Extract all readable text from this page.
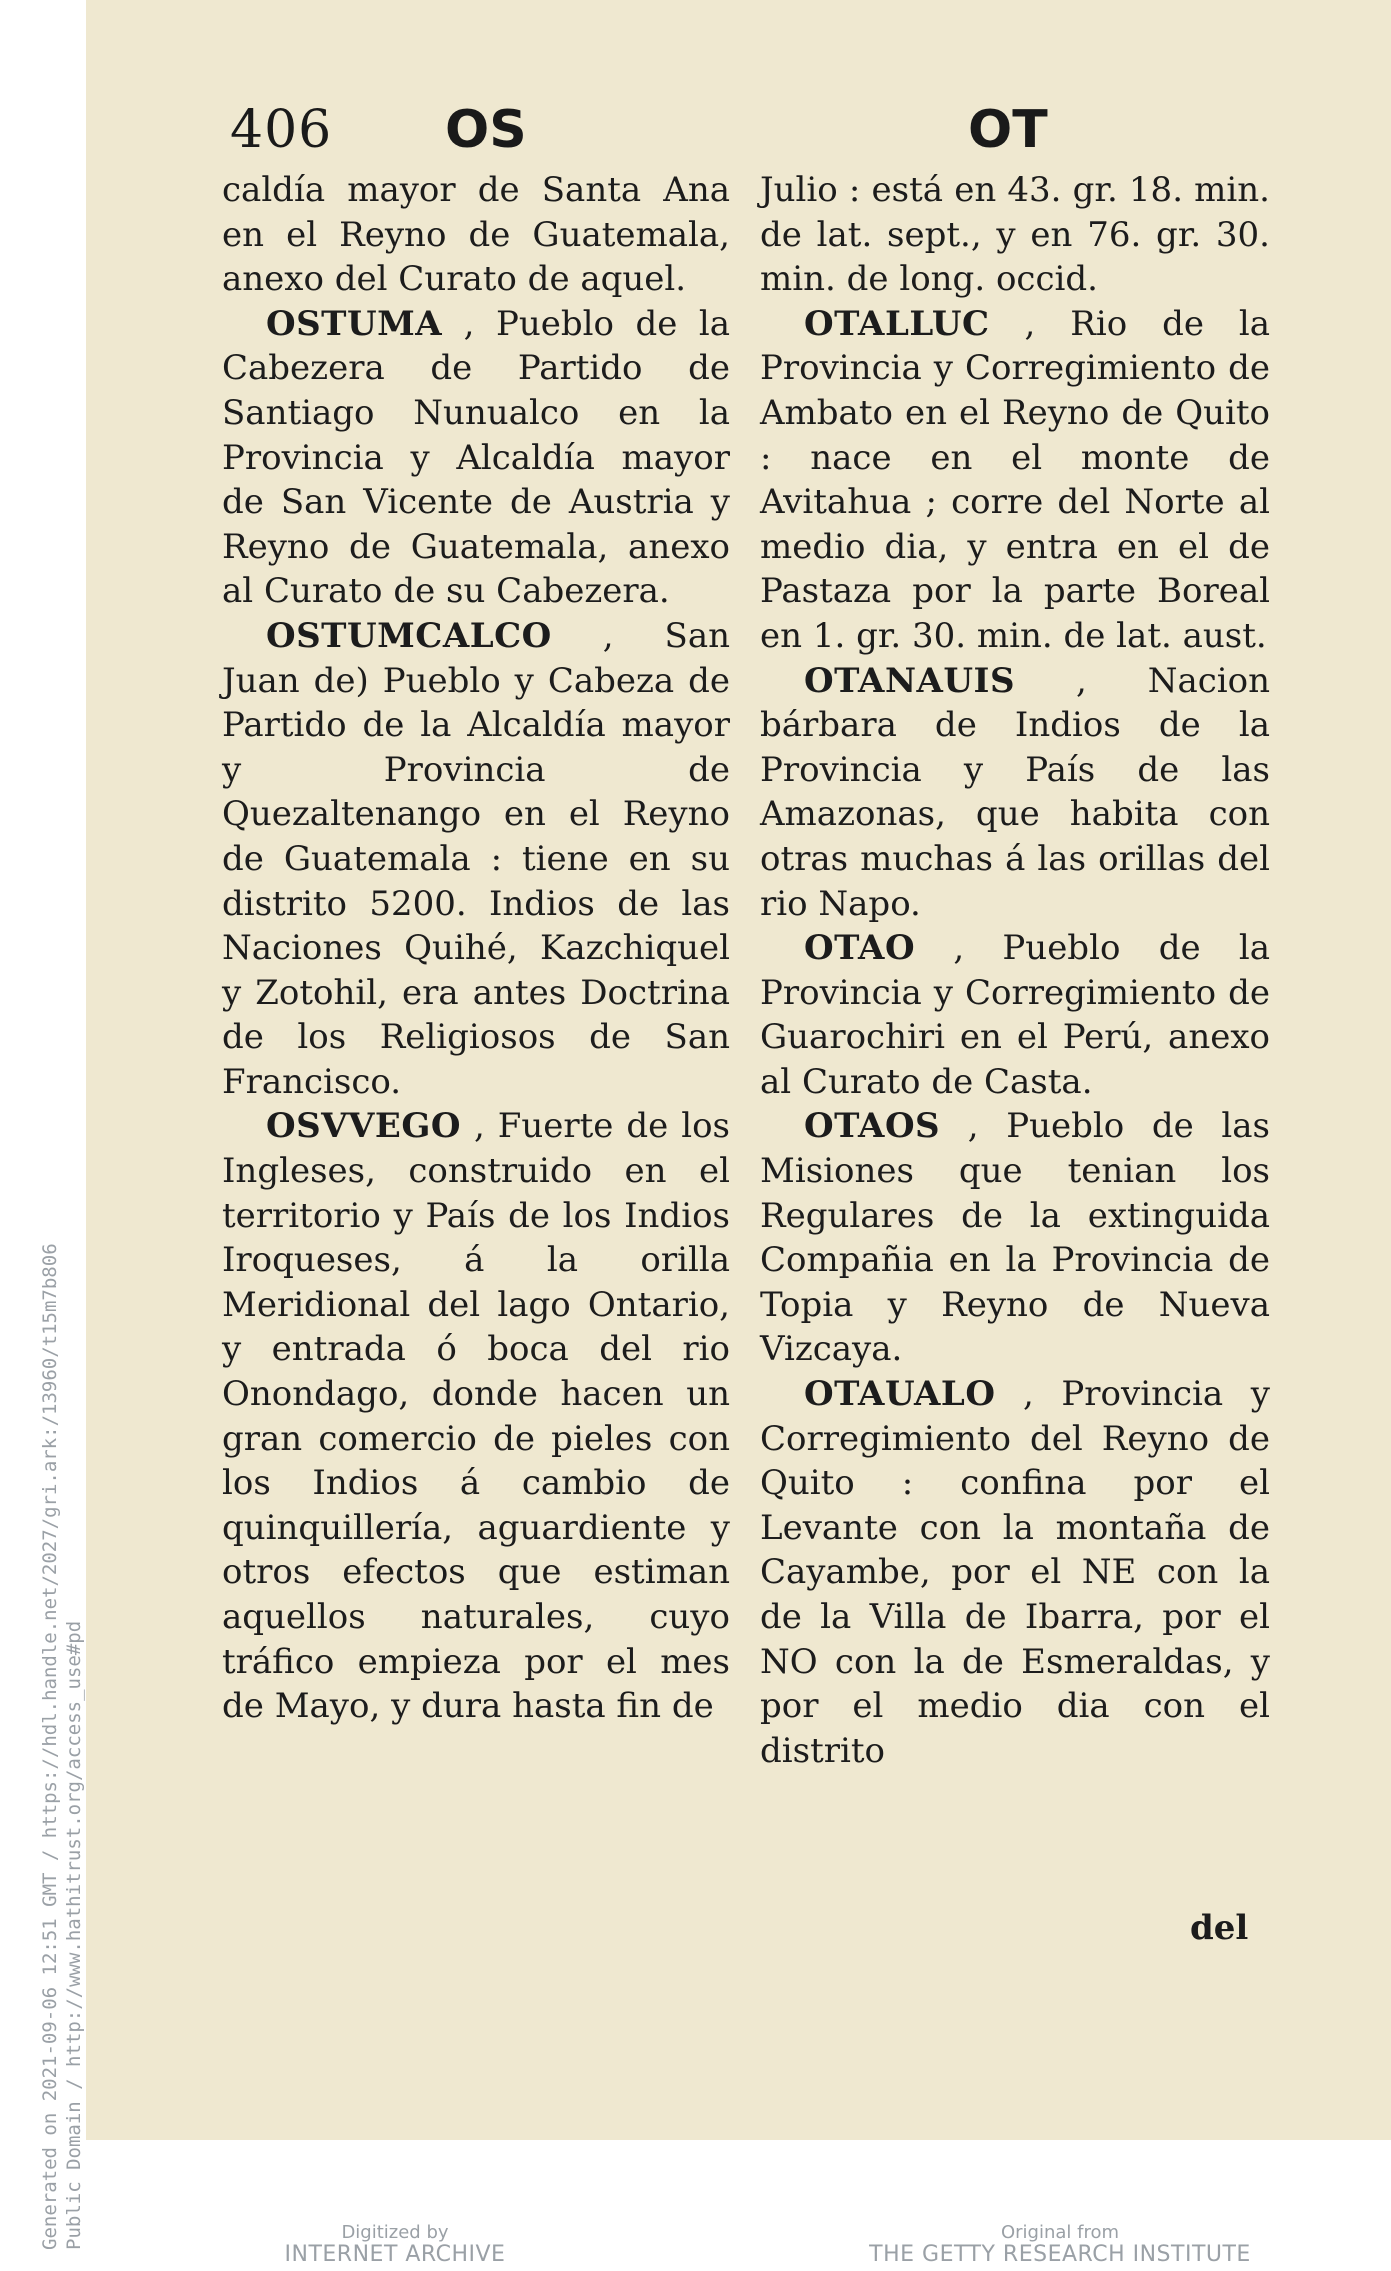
Generated on 2021-09-06 12:51 GMT / https://hdl.handle.net/2027/gri.ark:/13960/t15m7b806 Public Domain / http://www.hathitrust.org/access_use#pd
406 OS	OT

caldía mayor de Santa Ana en el Reyno de Guatemala, anexo del Curato de aquel.

OSTUMA , Pueblo de la Cabezera de Partido de Santiago Nunualco en la Provincia y Alcaldía mayor de San Vicente de Austria y Reyno de Guatemala, anexo al Curato de su Cabezera.

OSTUMCALCO , San Juan de) Pueblo y Cabeza de Partido de la Alcaldía mayor y Provincia de Quezaltenango en el Reyno de Guatemala : tiene en su distrito 5200. Indios de las Naciones Quihé, Kazchiquel y Zotohil, era antes Doctrina de los Religiosos de San Francisco.

OSVVEGO , Fuerte de los Ingleses, construido en el territorio y País de los Indios Iroqueses, á la orilla Meridional del lago Ontario, y entrada ó boca del rio Onondago, donde hacen un gran comercio de pieles con los Indios á cambio de quinquillería, aguardiente y otros efectos que estiman aquellos naturales, cuyo tráfico empieza por el mes de Mayo, y dura hasta fin de

Julio : está en 43. gr. 18. min. de lat. sept., y en 76. gr. 30. min. de long. occid.

OTALLUC , Rio de la Provincia y Corregimiento de Ambato en el Reyno de Quito : nace en el monte de Avitahua ; corre del Norte al medio dia, y entra en el de Pastaza por la parte Boreal en 1. gr. 30. min. de lat. aust.

OTANAUIS , Nacion bárbara de Indios de la Provincia y País de las Amazonas, que habita con otras muchas á las orillas del rio Napo.

OTAO , Pueblo de la Provincia y Corregimiento de Guarochiri en el Perú, anexo al Curato de Casta.

OTAOS , Pueblo de las Misiones que tenian los Regulares de la extinguida Compañia en la Provincia de Topia y Reyno de Nueva Vizcaya.

OTAUALO , Provincia y Corregimiento del Reyno de Quito : confina por el Levante con la montaña de Cayambe, por el NE con la de la Villa de Ibarra, por el NO con la de Esmeraldas, y por el medio dia con el distrito

del
Digitized by
INTERNET ARCHIVE
Original from
THE GETTY RESEARCH INSTITUTE
